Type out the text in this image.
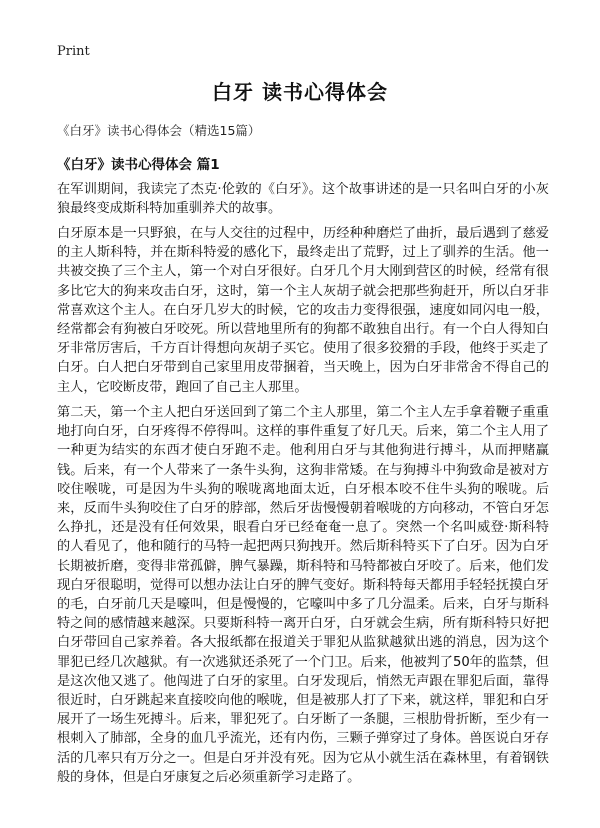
Print
白牙 读书心得体会
《白牙》读书心得体会（精选15篇）
《白牙》读书心得体会 篇1

在军训期间，我读完了杰克·伦敦的《白牙》。这个故事讲述的是一只名叫白牙的小灰狼最终变成斯科特加重驯养犬的故事。

白牙原本是一只野狼，在与人交往的过程中，历经种种磨烂了曲折，最后遇到了慈爱的主人斯科特，并在斯科特爱的感化下，最终走出了荒野，过上了驯养的生活。他一共被交换了三个主人，第一个对白牙很好。白牙几个月大刚到营区的时候，经常有很多比它大的狗来攻击白牙，这时，第一个主人灰胡子就会把那些狗赶开，所以白牙非常喜欢这个主人。在白牙几岁大的时候，它的攻击力变得很强，速度如同闪电一般，经常都会有狗被白牙咬死。所以营地里所有的狗都不敢独自出行。有一个白人得知白牙非常厉害后，千方百计得想向灰胡子买它。使用了很多狡猾的手段，他终于买走了白牙。白人把白牙带到自己家里用皮带捆着，当天晚上，因为白牙非常舍不得自己的主人，它咬断皮带，跑回了自己主人那里。

第二天，第一个主人把白牙送回到了第二个主人那里，第二个主人左手拿着鞭子重重地打向白牙，白牙疼得不停得叫。这样的事件重复了好几天。后来，第二个主人用了一种更为结实的东西才使白牙跑不走。他利用白牙与其他狗进行搏斗，从而押赌赢钱。后来，有一个人带来了一条牛头狗，这狗非常矮。在与狗搏斗中狗致命是被对方咬住喉咙，可是因为牛头狗的喉咙离地面太近，白牙根本咬不住牛头狗的喉咙。后来，反而牛头狗咬住了白牙的脖部，然后牙齿慢慢朝着喉咙的方向移动，不管白牙怎么挣扎，还是没有任何效果，眼看白牙已经奄奄一息了。突然一个名叫威登·斯科特的人看见了，他和随行的马特一起把两只狗拽开。然后斯科特买下了白牙。因为白牙长期被折磨，变得非常孤僻，脾气暴躁，斯科特和马特都被白牙咬了。后来，他们发现白牙很聪明，觉得可以想办法让白牙的脾气变好。斯科特每天都用手轻轻抚摸白牙的毛，白牙前几天是嚎叫，但是慢慢的，它嚎叫中多了几分温柔。后来，白牙与斯科特之间的感情越来越深。只要斯科特一离开白牙，白牙就会生病，所有斯科特只好把白牙带回自己家养着。各大报纸都在报道关于罪犯从监狱越狱出逃的消息，因为这个罪犯已经几次越狱。有一次逃狱还杀死了一个门卫。后来，他被判了50年的监禁，但是这次他又逃了。他闯进了白牙的家里。白牙发现后，悄然无声跟在罪犯后面，靠得很近时，白牙跳起来直接咬向他的喉咙，但是被那人打了下来，就这样，罪犯和白牙展开了一场生死搏斗。后来，罪犯死了。白牙断了一条腿，三根肋骨折断，至少有一根刺入了肺部，全身的血几乎流光，还有内伤，三颗子弹穿过了身体。兽医说白牙存活的几率只有万分之一。但是白牙并没有死。因为它从小就生活在森林里，有着钢铁般的身体，但是白牙康复之后必须重新学习走路了。
